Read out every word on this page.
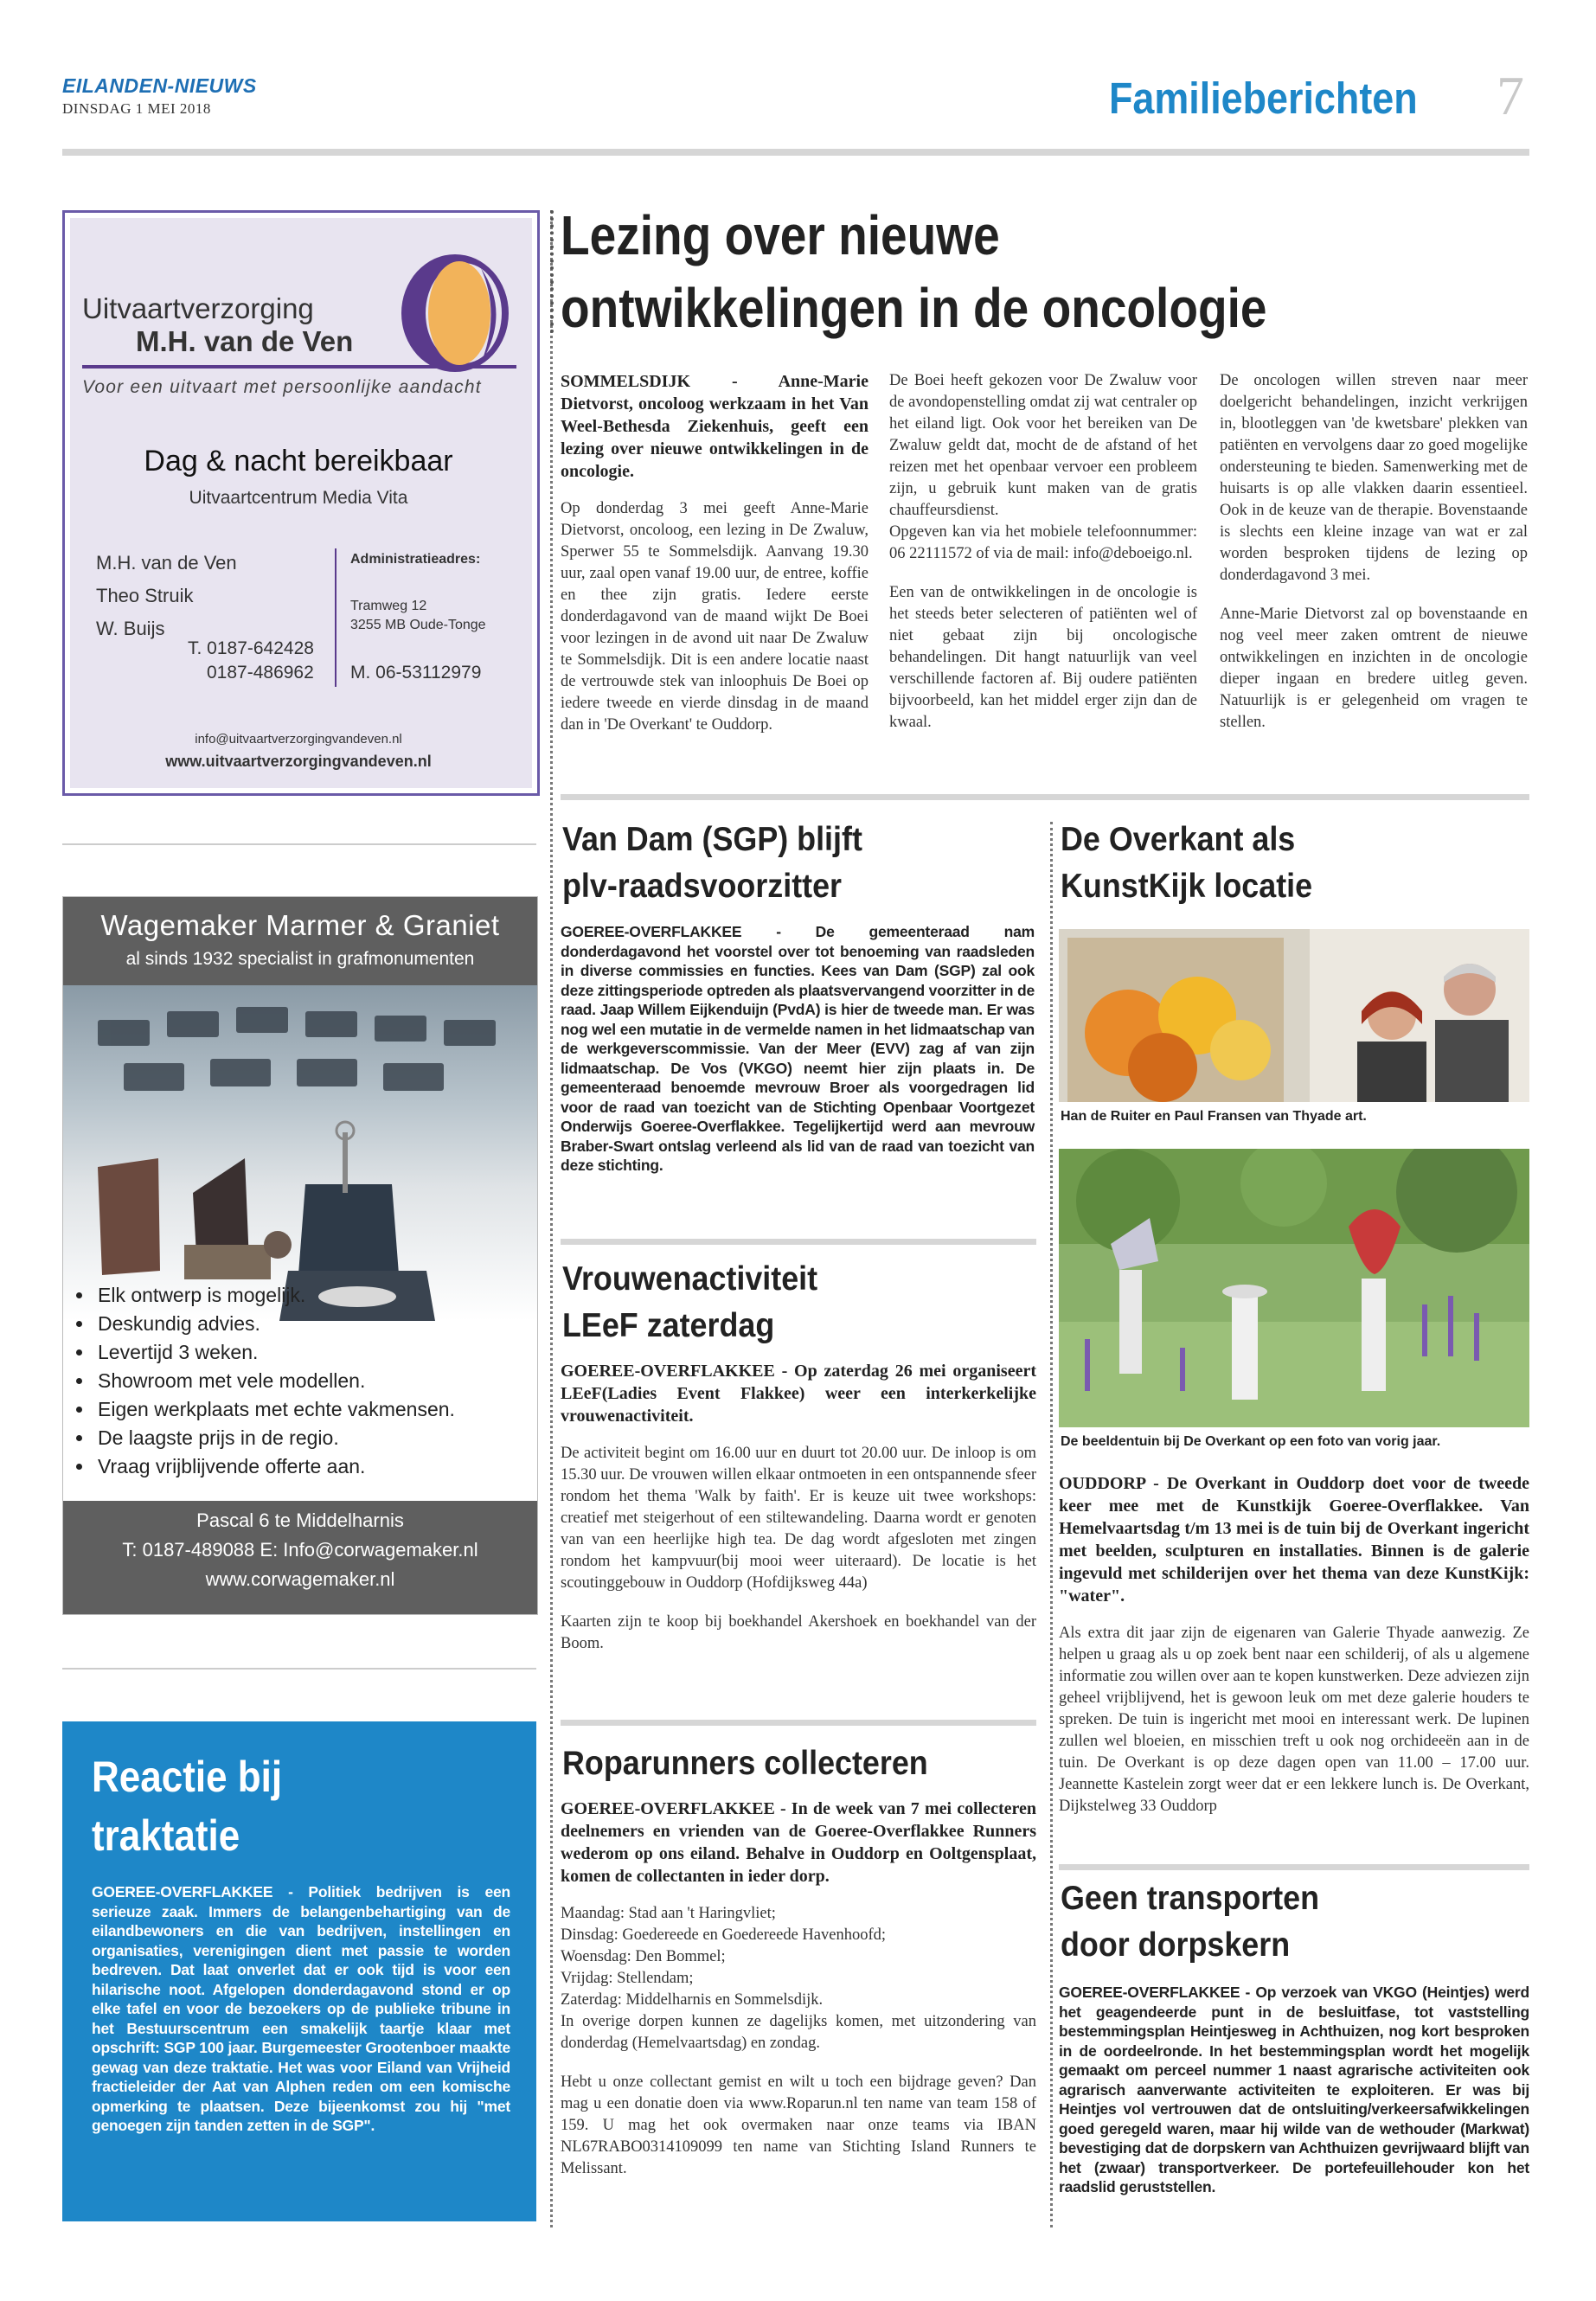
EILANDEN-NIEUWS
DINSDAG 1 MEI 2018	Familieberichten 7
Uitvaartverzorging
M.H. van de Ven
Voor een uitvaart met persoonlijke aandacht
Dag & nacht bereikbaar
Uitvaartcentrum Media Vita
M.H. van de Ven
Theo Struik
W. Buijs
T. 0187-642428
0187-486962
Administratieadres:
Tramweg 12
3255 MB Oude-Tonge
M. 06-53112979
info@uitvaartverzorgingvandeven.nl
www.uitvaartverzorgingvandeven.nl
Wagemaker Marmer & Graniet
al sinds 1932 specialist in grafmonumenten
• Elk ontwerp is mogelijk.
• Deskundig advies.
• Levertijd 3 weken.
• Showroom met vele modellen.
• Eigen werkplaats met echte vakmensen.
• De laagste prijs in de regio.
• Vraag vrijblijvende offerte aan.
Pascal 6 te Middelharnis
T: 0187-489088 E: Info@corwagemaker.nl
www.corwagemaker.nl
Reactie bij traktatie
GOEREE-OVERFLAKKEE - Politiek bedrijven is een serieuze zaak. Immers de belangenbehartiging van de eilandbewoners en die van bedrijven, instellingen en organisaties, verenigingen dient met passie te worden bedreven. Dat laat onverlet dat er ook tijd is voor een hilarische noot. Afgelopen donderdagavond stond er op elke tafel en voor de bezoekers op de publieke tribune in het Bestuurscentrum een smakelijk taartje klaar met opschrift: SGP 100 jaar. Burgemeester Grootenboer maakte gewag van deze traktatie. Het was voor Eiland van Vrijheid fractieleider der Aat van Alphen reden om een komische opmerking te plaatsen. Deze bijeenkomst zou hij "met genoegen zijn tanden zetten in de SGP".
Lezing over nieuwe ontwikkelingen in de oncologie

SOMMELSDIJK - Anne-Marie Dietvorst, oncoloog werkzaam in het Van Weel-Bethesda Ziekenhuis, geeft een lezing over nieuwe ontwikkelingen in de oncologie.

Op donderdag 3 mei geeft Anne-Marie Dietvorst, oncoloog, een lezing in De Zwaluw, Sperwer 55 te Sommelsdijk. Aanvang 19.30 uur, zaal open vanaf 19.00 uur, de entree, koffie en thee zijn gratis. Iedere eerste donderdagavond van de maand wijkt De Boei voor lezingen in de avond uit naar De Zwaluw te Sommelsdijk. Dit is een andere locatie naast de vertrouwde stek van inloophuis De Boei op iedere tweede en vierde dinsdag in de maand dan in 'De Overkant' te Ouddorp.

De Boei heeft gekozen voor De Zwaluw voor de avondopenstelling omdat zij wat centraler op het eiland ligt. Ook voor het bereiken van De Zwaluw geldt dat, mocht de de afstand of het reizen met het openbaar vervoer een probleem zijn, u gebruik kunt maken van de gratis chauffeursdienst.

Opgeven kan via het mobiele telefoonnummer: 06 22111572 of via de mail: info@deboeigo.nl.

Een van de ontwikkelingen in de oncologie is het steeds beter selecteren of patiënten wel of niet gebaat zijn bij oncologische behandelingen. Dit hangt natuurlijk van veel verschillende factoren af. Bij oudere patiënten bijvoorbeeld, kan het middel erger zijn dan de kwaal.

De oncologen willen streven naar meer doelgericht behandelingen, inzicht verkrijgen in, blootleggen van 'de kwetsbare' plekken van patiënten en vervolgens daar zo goed mogelijke ondersteuning te bieden. Samenwerking met de huisarts is op alle vlakken daarin essentieel. Ook in de keuze van de therapie. Bovenstaande is slechts een kleine inzage van wat er zal worden besproken tijdens de lezing op donderdagavond 3 mei.

Anne-Marie Dietvorst zal op bovenstaande en nog veel meer zaken omtrent de nieuwe ontwikkelingen en inzichten in de oncologie dieper ingaan en bredere uitleg geven. Natuurlijk is er gelegenheid om vragen te stellen.

Van Dam (SGP) blijft
plv-raadsvoorzitter
GOEREE-OVERFLAKKEE - De gemeenteraad nam donderdagavond het voorstel over tot benoeming van raadsleden in diverse commissies en functies. Kees van Dam (SGP) zal ook deze zittingsperiode optreden als plaatsvervangend voorzitter in de raad. Jaap Willem Eijkenduijn (PvdA) is hier de tweede man. Er was nog wel een mutatie in de vermelde namen in het lidmaatschap van de werkgeverscommissie. Van der Meer (EVV) zag af van zijn lidmaatschap. De Vos (VKGO) neemt hier zijn plaats in. De gemeenteraad benoemde mevrouw Broer als voorgedragen lid voor de raad van toezicht van de Stichting Openbaar Voortgezet Onderwijs Goeree-Overflakkee. Tegelijkertijd werd aan mevrouw Braber-Swart ontslag verleend als lid van de raad van toezicht van deze stichting.
Vrouwenactiviteit
LEeF zaterdag

GOEREE-OVERFLAKKEE - Op zaterdag 26 mei organiseert LEeF(Ladies Event Flakkee) weer een interkerkelijke vrouwenactiviteit.

De activiteit begint om 16.00 uur en duurt tot 20.00 uur. De inloop is om 15.30 uur. De vrouwen willen elkaar ontmoeten in een ontspannende sfeer rondom het thema 'Walk by faith'. Er is keuze uit twee workshops: creatief met steigerhout of een stiltewandeling. Daarna wordt er genoten van van een heerlijke high tea. De dag wordt afgesloten met zingen rondom het kampvuur(bij mooi weer uiteraard). De locatie is het scoutinggebouw in Ouddorp (Hofdijksweg 44a)

Kaarten zijn te koop bij boekhandel Akershoek en boekhandel van der Boom.

Roparunners collecteren

GOEREE-OVERFLAKKEE - In de week van 7 mei collecteren deelnemers en vrienden van de Goeree-Overflakkee Runners wederom op ons eiland. Behalve in Ouddorp en Ooltgensplaat, komen de collectanten in ieder dorp.

Maandag: Stad aan 't Haringvliet;
Dinsdag: Goedereede en Goedereede Havenhoofd;
Woensdag: Den Bommel;
Vrijdag: Stellendam;
Zaterdag: Middelharnis en Sommelsdijk.

In overige dorpen kunnen ze dagelijks komen, met uitzondering van donderdag (Hemelvaartsdag) en zondag.

Hebt u onze collectant gemist en wilt u toch een bijdrage geven? Dan mag u een donatie doen via www.Roparun.nl ten name van team 158 of 159. U mag het ook overmaken naar onze teams via IBAN NL67RABO0314109099 ten name van Stichting Island Runners te Melissant.

De Overkant als
KunstKijk locatie
Han de Ruiter en Paul Fransen van Thyade art.
De beeldentuin bij De Overkant op een foto van vorig jaar.

OUDDORP - De Overkant in Ouddorp doet voor de tweede keer mee met de Kunstkijk Goeree-Overflakkee. Van Hemelvaartsdag t/m 13 mei is de tuin bij de Overkant ingericht met beelden, sculpturen en installaties. Binnen is de galerie ingevuld met schilderijen over het thema van deze KunstKijk: "water".

Als extra dit jaar zijn de eigenaren van Galerie Thyade aanwezig. Ze helpen u graag als u op zoek bent naar een schilderij, of als u algemene informatie zou willen over aan te kopen kunstwerken. Deze adviezen zijn geheel vrijblijvend, het is gewoon leuk om met deze galerie houders te spreken. De tuin is ingericht met mooi en interessant werk. De lupinen zullen wel bloeien, en misschien treft u ook nog orchideeën aan in de tuin. De Overkant is op deze dagen open van 11.00 – 17.00 uur. Jeannette Kastelein zorgt weer dat er een lekkere lunch is. De Overkant, Dijkstelweg 33 Ouddorp

Geen transporten
door dorpskern
GOEREE-OVERFLAKKEE - Op verzoek van VKGO (Heintjes) werd het geagendeerde punt in de besluitfase, tot vaststelling bestemmingsplan Heintjesweg in Achthuizen, nog kort besproken in de oordeelronde. In het bestemmingsplan wordt het mogelijk gemaakt om perceel nummer 1 naast agrarische activiteiten ook agrarisch aanverwante activiteiten te exploiteren. Er was bij Heintjes vol vertrouwen dat de ontsluiting/verkeersafwikkelingen goed geregeld waren, maar hij wilde van de wethouder (Markwat) bevestiging dat de dorpskern van Achthuizen gevrijwaard blijft van het (zwaar) transportverkeer. De portefeuillehouder kon het raadslid geruststellen.
